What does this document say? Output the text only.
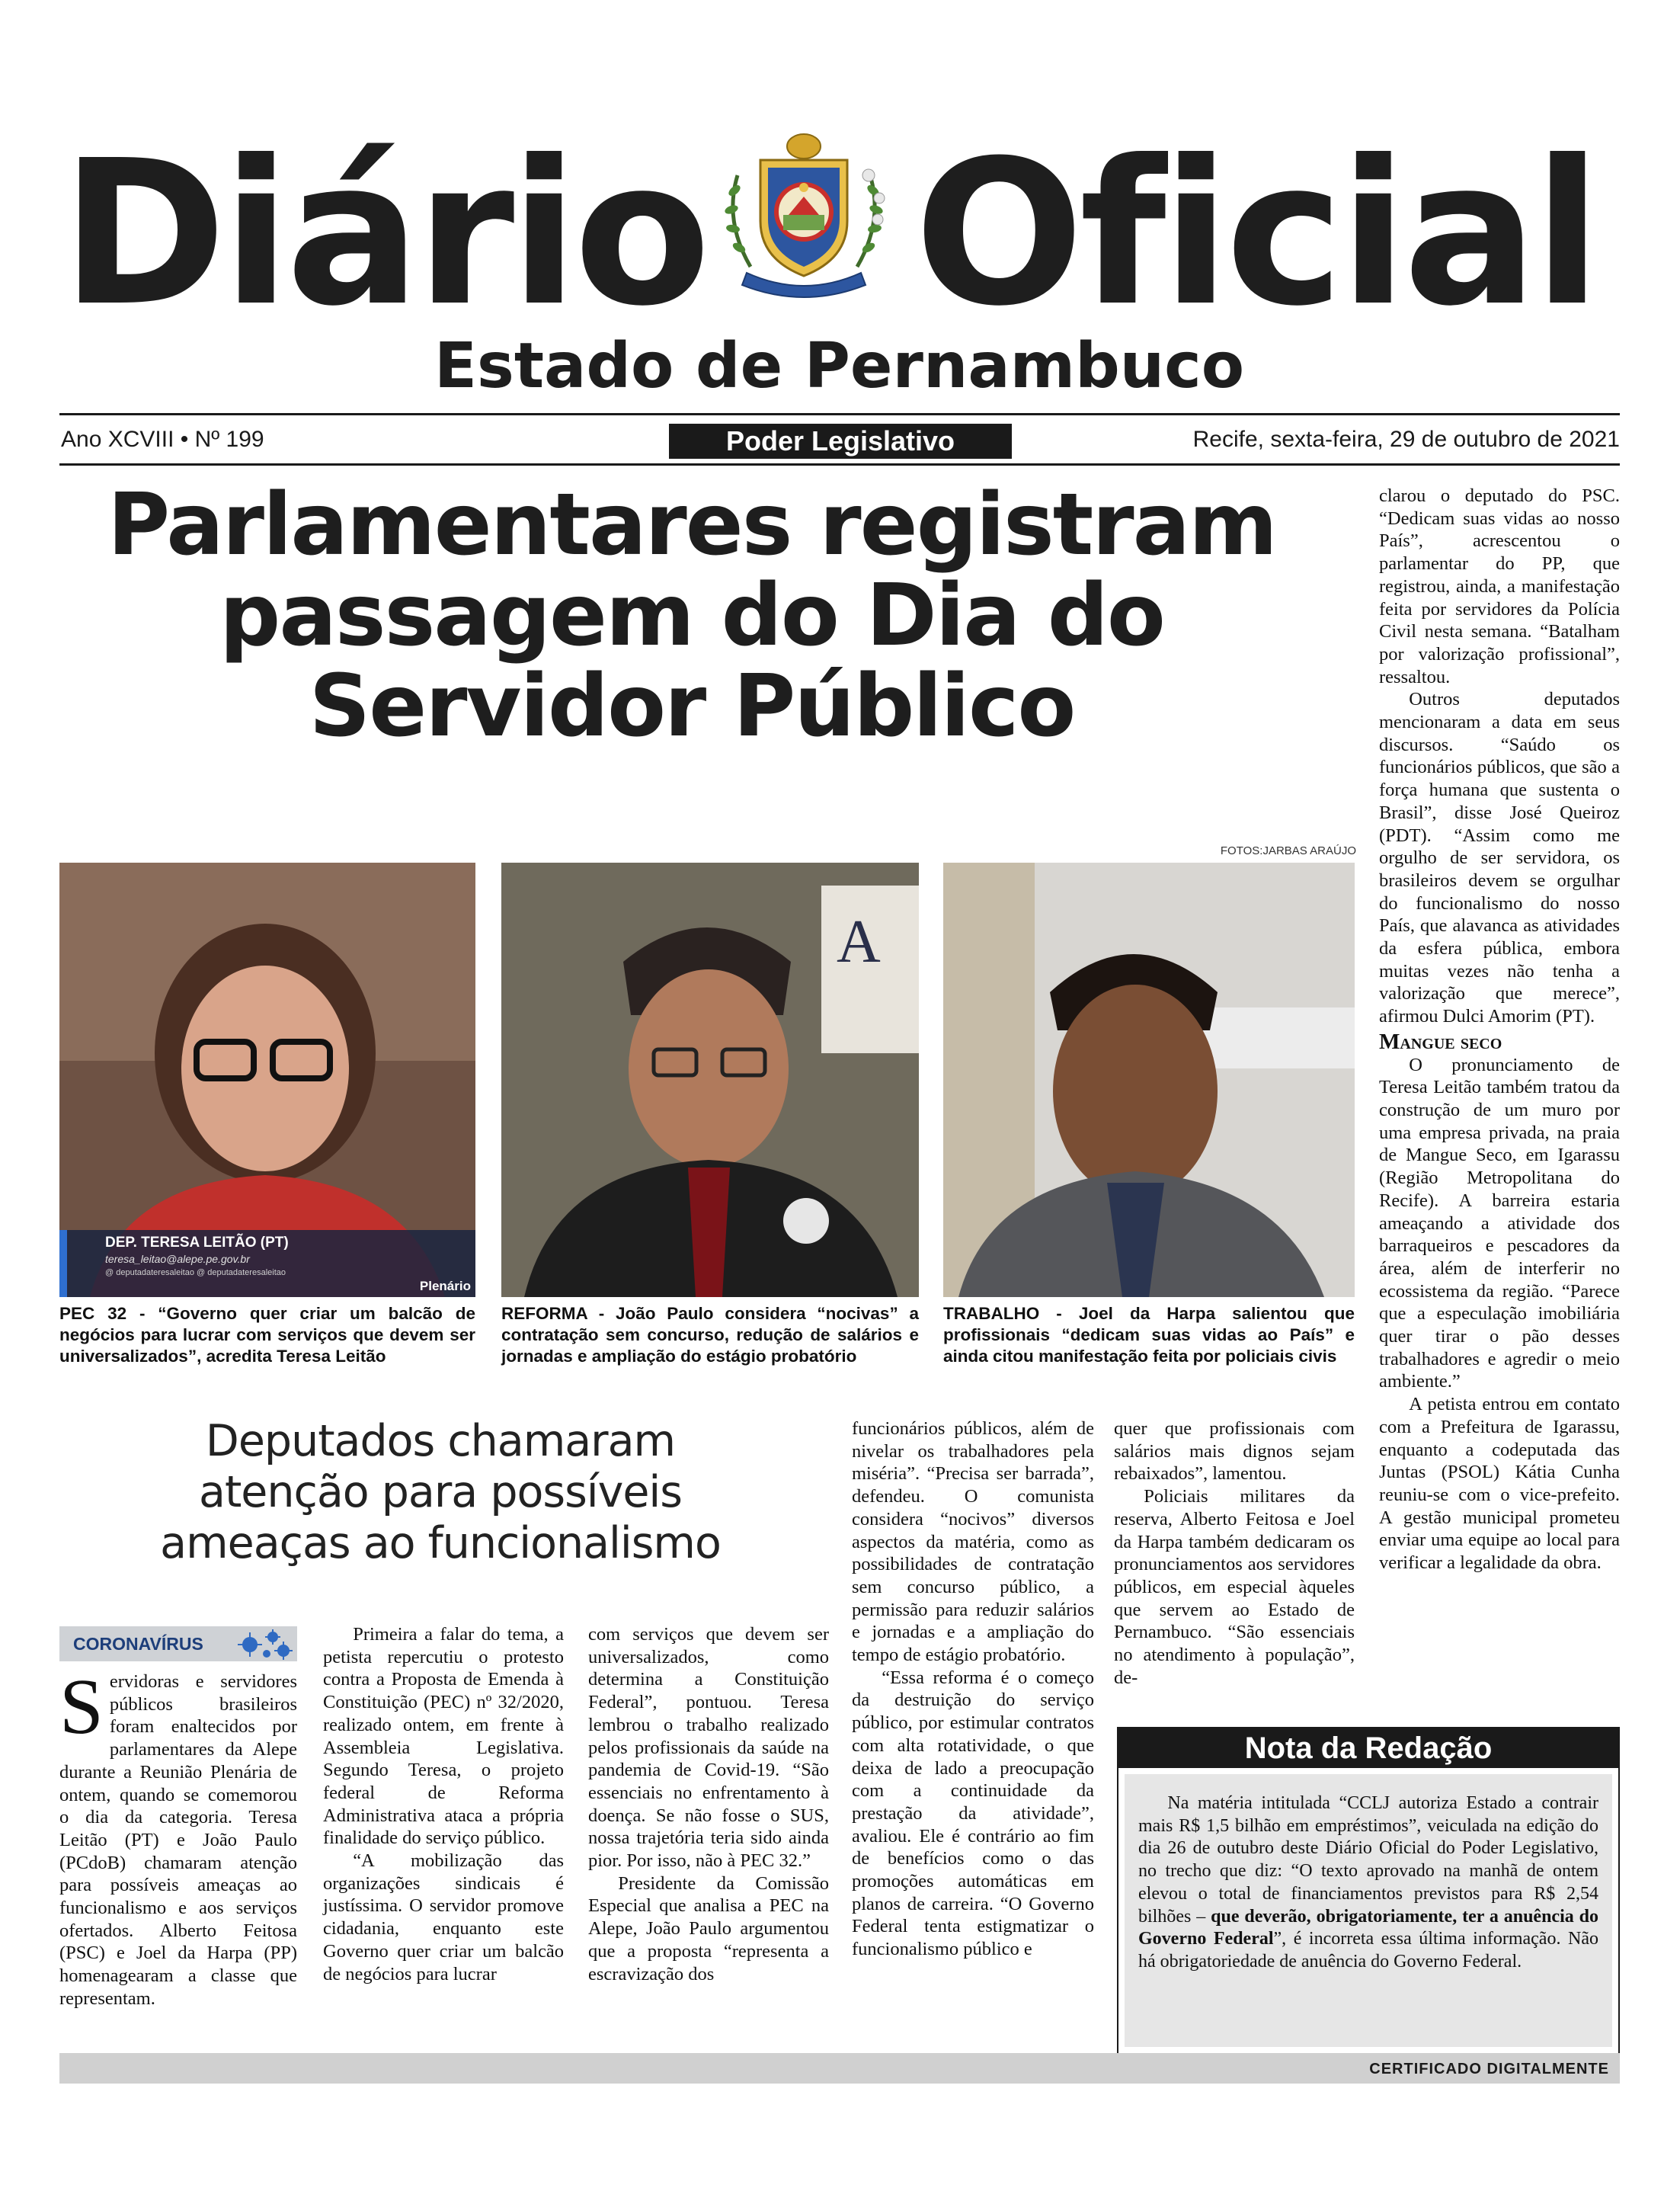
Diário Oficial
Estado de Pernambuco
Ano XCVIII • Nº 199	Poder Legislativo	Recife, sexta-feira, 29 de outubro de 2021
Parlamentares registram
passagem do Dia do
Servidor Público
FOTOS:JARBAS ARAÚJO
DEP. TERESA LEITÃO (PT)
teresa_leitao@alepe.pe.gov.br
@ deputadateresaleitao @ deputadateresaleitao
Plenário
PEC 32 - “Governo quer criar um balcão de negócios para lucrar com serviços que devem ser universalizados”, acredita Teresa Leitão
A
REFORMA - João Paulo considera “nocivas” a contratação sem concurso, redução de salários e jornadas e ampliação do estágio probatório
TRABALHO - Joel da Harpa salientou que profissionais “dedicam suas vidas ao País” e ainda citou manifestação feita por policiais civis
Deputados chamaram
atenção para possíveis
ameaças ao funcionalismo
CORONAVÍRUS
Servidoras e servidores públicos brasileiros foram enaltecidos por parlamentares da Alepe durante a Reunião Plenária de ontem, quando se comemorou o dia da categoria. Teresa Leitão (PT) e João Paulo (PCdoB) chamaram atenção para possíveis ameaças ao funcionalismo e aos serviços ofertados. Alberto Feitosa (PSC) e Joel da Harpa (PP) homenagearam a classe que representam.

Primeira a falar do tema, a petista repercutiu o protesto contra a Proposta de Emenda à Constituição (PEC) nº 32/2020, realizado ontem, em frente à Assembleia Legislativa. Segundo Teresa, o projeto federal de Reforma Administrativa ataca a própria finalidade do serviço público.

“A mobilização das organizações sindicais é justíssima. O servidor promove cidadania, enquanto este Governo quer criar um balcão de negócios para lucrar

com serviços que devem ser universalizados, como determina a Constituição Federal”, pontuou. Teresa lembrou o trabalho realizado pelos profissionais da saúde na pandemia de Covid-19. “São essenciais no enfrentamento à doença. Se não fosse o SUS, nossa trajetória teria sido ainda pior. Por isso, não à PEC 32.”

Presidente da Comissão Especial que analisa a PEC na Alepe, João Paulo argumentou que a proposta “representa a escravização dos

funcionários públicos, além de nivelar os trabalhadores pela miséria”. “Precisa ser barrada”, defendeu. O comunista considera “nocivos” diversos aspectos da matéria, como as possibilidades de contratação sem concurso público, a permissão para reduzir salários e jornadas e a ampliação do tempo de estágio probatório.

“Essa reforma é o começo da destruição do serviço público, por estimular contratos com alta rotatividade, o que deixa de lado a preocupação com a continuidade da prestação da atividade”, avaliou. Ele é contrário ao fim de benefícios como o das promoções automáticas em planos de carreira. “O Governo Federal tenta estigmatizar o funcionalismo público e

quer que profissionais com salários mais dignos sejam rebaixados”, lamentou.

Policiais militares da reserva, Alberto Feitosa e Joel da Harpa também dedicaram os pronunciamentos aos servidores públicos, em especial àqueles que servem ao Estado de Pernambuco. “São essenciais no atendimento à população”, de-

clarou o deputado do PSC. “Dedicam suas vidas ao nosso País”, acrescentou o parlamentar do PP, que registrou, ainda, a manifestação feita por servidores da Polícia Civil nesta semana. “Batalham por valorização profissional”, ressaltou.

Outros deputados mencionaram a data em seus discursos. “Saúdo os funcionários públicos, que são a força humana que sustenta o Brasil”, disse José Queiroz (PDT). “Assim como me orgulho de ser servidora, os brasileiros devem se orgulhar do funcionalismo do nosso País, que alavanca as atividades da esfera pública, embora muitas vezes não tenha a valorização que merece”, afirmou Dulci Amorim (PT).

Mangue seco

O pronunciamento de Teresa Leitão também tratou da construção de um muro por uma empresa privada, na praia de Mangue Seco, em Igarassu (Região Metropolitana do Recife). A barreira estaria ameaçando a atividade dos barraqueiros e pescadores da área, além de interferir no ecossistema da região. “Parece que a especulação imobiliária quer tirar o pão desses trabalhadores e agredir o meio ambiente.”

A petista entrou em contato com a Prefeitura de Igarassu, enquanto a codeputada das Juntas (PSOL) Kátia Cunha reuniu-se com o vice-prefeito. A gestão municipal prometeu enviar uma equipe ao local para verificar a legalidade da obra.

Nota da Redação

Na matéria intitulada “CCLJ autoriza Estado a contrair mais R$ 1,5 bilhão em empréstimos”, veiculada na edição do dia 26 de outubro deste Diário Oficial do Poder Legislativo, no trecho que diz: “O texto aprovado na manhã de ontem elevou o total de financiamentos previstos para R$ 2,54 bilhões – que deverão, obrigatoriamente, ter a anuência do Governo Federal”, é incorreta essa última informação. Não há obrigatoriedade de anuência do Governo Federal.

CERTIFICADO DIGITALMENTE
